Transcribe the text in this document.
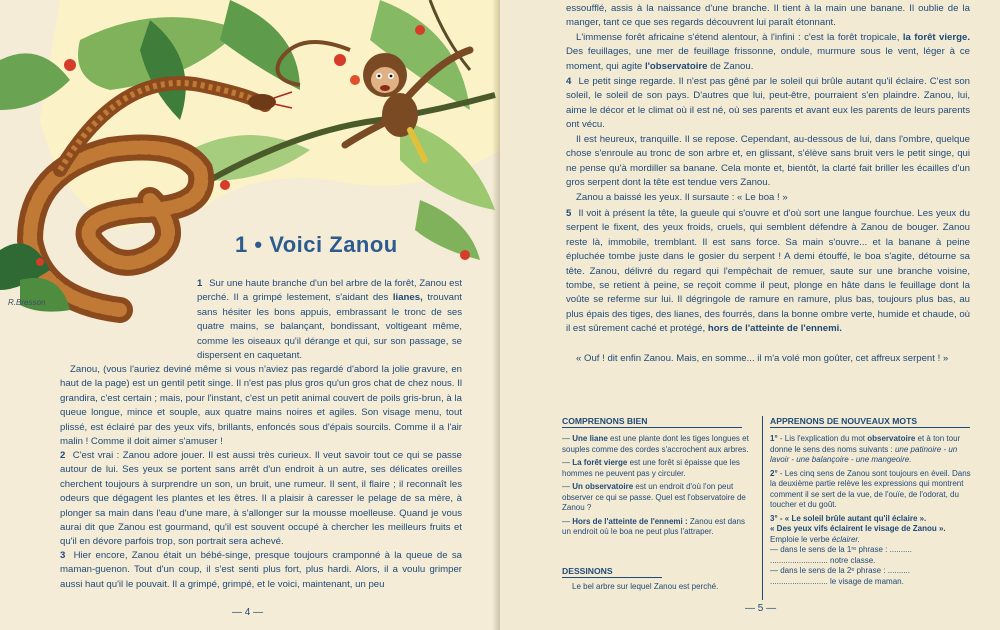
R.Bresson
1 • Voici Zanou
1 Sur une haute branche d'un bel arbre de la forêt, Zanou est perché. Il a grimpé lestement, s'aidant des lianes, trouvant sans hésiter les bons appuis, embrassant le tronc de ses quatre mains, se balançant, bondissant, voltigeant même, comme les oiseaux qu'il dérange et qui, sur son passage, se dispersent en caquetant.
Zanou, (vous l'auriez deviné même si vous n'aviez pas regardé d'abord la jolie gravure, en haut de la page) est un gentil petit singe. Il n'est pas plus gros qu'un gros chat de chez nous. Il grandira, c'est certain ; mais, pour l'instant, c'est un petit animal couvert de poils gris-brun, à la queue longue, mince et souple, aux quatre mains noires et agiles. Son visage menu, tout plissé, est éclairé par des yeux vifs, brillants, enfoncés sous d'épais sourcils. Comme il a l'air malin ! Comme il doit aimer s'amuser !
2 C'est vrai : Zanou adore jouer. Il est aussi très curieux. Il veut savoir tout ce qui se passe autour de lui. Ses yeux se portent sans arrêt d'un endroit à un autre, ses délicates oreilles cherchent toujours à surprendre un son, un bruit, une rumeur. Il sent, il flaire ; il reconnaît les odeurs que dégagent les plantes et les êtres. Il a plaisir à caresser le pelage de sa mère, à plonger sa main dans l'eau d'une mare, à s'allonger sur la mousse moelleuse. Quand je vous aurai dit que Zanou est gourmand, qu'il est souvent occupé à chercher les meilleurs fruits et qu'il en dévore parfois trop, son portrait sera achevé.
3 Hier encore, Zanou était un bébé-singe, presque toujours cramponné à la queue de sa maman-guenon. Tout d'un coup, il s'est senti plus fort, plus hardi. Alors, il a voulu grimper aussi haut qu'il le pouvait. Il a grimpé, grimpé, et le voici, maintenant, un peu
— 4 —
essoufflé, assis à la naissance d'une branche. Il tient à la main une banane. Il oublie de la manger, tant ce que ses regards découvrent lui paraît étonnant.
L'immense forêt africaine s'étend alentour, à l'infini : c'est la forêt tropicale, la forêt vierge. Des feuillages, une mer de feuillage frissonne, ondule, murmure sous le vent, léger à ce moment, qui agite l'observatoire de Zanou.
4 Le petit singe regarde. Il n'est pas gêné par le soleil qui brûle autant qu'il éclaire. C'est son soleil, le soleil de son pays. D'autres que lui, peut-être, pourraient s'en plaindre. Zanou, lui, aime le décor et le climat où il est né, où ses parents et avant eux les parents de leurs parents ont vécu.
Il est heureux, tranquille. Il se repose. Cependant, au-dessous de lui, dans l'ombre, quelque chose s'enroule au tronc de son arbre et, en glissant, s'élève sans bruit vers le petit singe, qui ne pense qu'à mordiller sa banane. Cela monte et, bientôt, la clarté fait briller les écailles d'un gros serpent dont la tête est tendue vers Zanou.
Zanou a baissé les yeux. Il sursaute : « Le boa ! »
5 Il voit à présent la tête, la gueule qui s'ouvre et d'où sort une langue fourchue. Les yeux du serpent le fixent, des yeux froids, cruels, qui semblent défendre à Zanou de bouger. Zanou reste là, immobile, tremblant. Il est sans force. Sa main s'ouvre... et la banane à peine épluchée tombe juste dans le gosier du serpent ! A demi étouffé, le boa s'agite, détourne sa tête. Zanou, délivré du regard qui l'empêchait de remuer, saute sur une branche voisine, tombe, se retient à peine, se reçoit comme il peut, plonge en hâte dans le feuillage dont la voûte se referme sur lui. Il dégringole de ramure en ramure, plus bas, toujours plus bas, au plus épais des tiges, des lianes, des fourrés, dans la bonne ombre verte, humide et chaude, où il est sûrement caché et protégé, hors de l'atteinte de l'ennemi.
« Ouf ! dit enfin Zanou. Mais, en somme... il m'a volé mon goûter, cet affreux serpent ! »
COMPRENONS BIEN

— Une liane est une plante dont les tiges longues et souples comme des cordes s'accrochent aux arbres.

— La forêt vierge est une forêt si épaisse que les hommes ne peuvent pas y circuler.

— Un observatoire est un endroit d'où l'on peut observer ce qui se passe. Quel est l'observatoire de Zanou ?

— Hors de l'atteinte de l'ennemi : Zanou est dans un endroit où le boa ne peut plus l'attraper.

DESSINONS
Le bel arbre sur lequel Zanou est perché.
APPRENONS DE NOUVEAUX MOTS

1° - Lis l'explication du mot observatoire et à ton tour donne le sens des noms suivants : une patinoire - un lavoir - une balançoire - une mangeoire.

2° - Les cinq sens de Zanou sont toujours en éveil. Dans la deuxième partie relève les expressions qui montrent comment il se sert de la vue, de l'ouïe, de l'odorat, du toucher et du goût.

3° - « Le soleil brûle autant qu'il éclaire ».
« Des yeux vifs éclairent le visage de Zanou ». Emploie le verbe éclairer.
— dans le sens de la 1ʳᵉ phrase : ..........
.......................... notre classe.
— dans le sens de la 2ᵉ phrase : ..........
.......................... le visage de maman.

— 5 —
